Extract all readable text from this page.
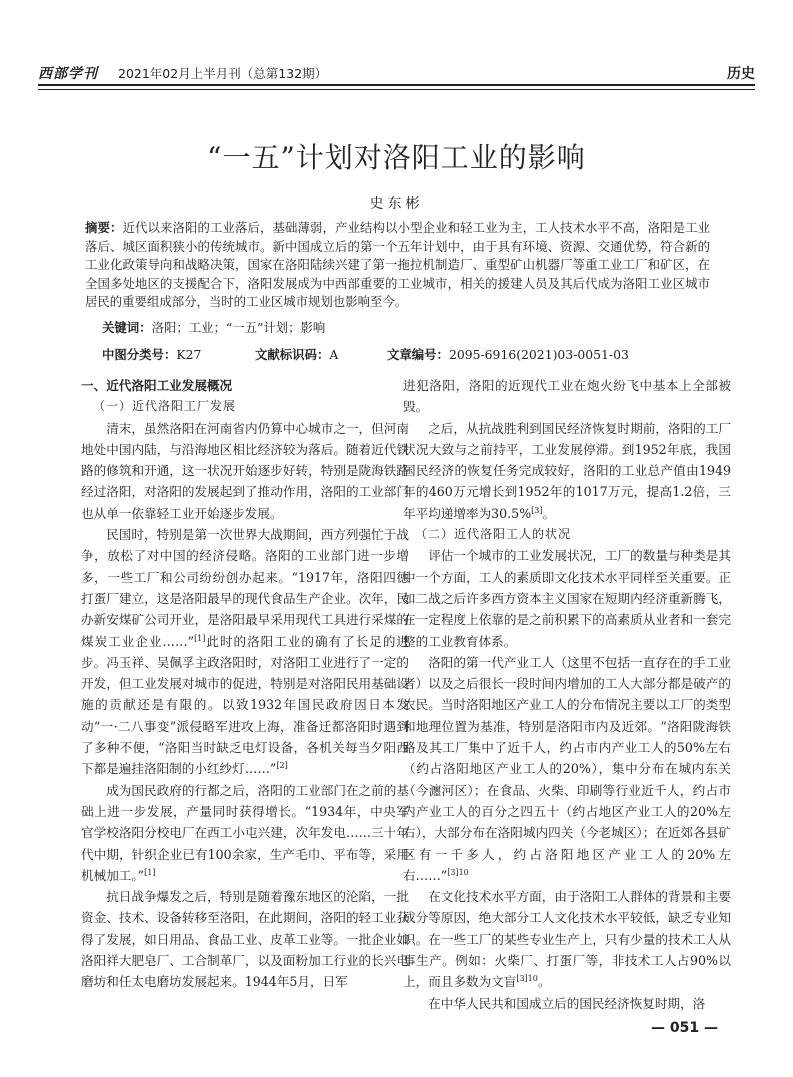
西部学刊 2021年02月上半月刊（总第132期）	历史
“一五”计划对洛阳工业的影响
史东彬
摘要：近代以来洛阳的工业落后，基础薄弱，产业结构以小型企业和轻工业为主，工人技术水平不高，洛阳是工业落后、城区面积狭小的传统城市。新中国成立后的第一个五年计划中，由于具有环境、资源、交通优势，符合新的工业化政策导向和战略决策，国家在洛阳陆续兴建了第一拖拉机制造厂、重型矿山机器厂等重工业工厂和矿区，在全国多处地区的支援配合下，洛阳发展成为中西部重要的工业城市，相关的援建人员及其后代成为洛阳工业区城市居民的重要组成部分，当时的工业区城市规划也影响至今。
关键词：洛阳；工业；“一五”计划；影响
中图分类号：K27	文献标识码：A	文章编号：2095-6916(2021)03-0051-03
一、近代洛阳工业发展概况
（一）近代洛阳工厂发展

清末，虽然洛阳在河南省内仍算中心城市之一，但河南地处中国内陆，与沿海地区相比经济较为落后。随着近代铁路的修筑和开通，这一状况开始逐步好转，特别是陇海铁路经过洛阳，对洛阳的发展起到了推动作用，洛阳的工业部门也从单一依靠轻工业开始逐步发展。

民国时，特别是第一次世界大战期间，西方列强忙于战争，放松了对中国的经济侵略。洛阳的工业部门进一步增多，一些工厂和公司纷纷创办起来。“1917年，洛阳四德打蛋厂建立，这是洛阳最早的现代食品生产企业。次年，民办新安煤矿公司开业，是洛阳最早采用现代工具进行采煤的煤炭工业企业……”[1]此时的洛阳工业的确有了长足的进步。冯玉祥、吴佩孚主政洛阳时，对洛阳工业进行了一定的开发，但工业发展对城市的促进，特别是对洛阳民用基础设施的贡献还是有限的。以致1932年国民政府因日本发动“一·二八事变”派侵略军进攻上海，准备迁都洛阳时遇到了多种不便，“洛阳当时缺乏电灯设备，各机关每当夕阳西下都是遍挂洛阳制的小红纱灯……”[2]

成为国民政府的行都之后，洛阳的工业部门在之前的基础上进一步发展，产量同时获得增长。“1934年，中央军官学校洛阳分校电厂在西工小屯兴建，次年发电……三十年代中期，针织企业已有100余家，生产毛巾、平布等，采用机械加工。”[1]

抗日战争爆发之后，特别是随着豫东地区的沦陷，一批资金、技术、设备转移至洛阳，在此期间，洛阳的轻工业获得了发展，如日用品、食品工业、皮革工业等。一批企业如洛阳祥大肥皂厂、工合制革厂，以及面粉加工行业的长兴电磨坊和任太电磨坊发展起来。1944年5月，日军

进犯洛阳，洛阳的近现代工业在炮火纷飞中基本上全部被毁。

之后，从抗战胜利到国民经济恢复时期前，洛阳的工厂状况大致与之前持平，工业发展停滞。到1952年底，我国国民经济的恢复任务完成较好，洛阳的工业总产值由1949年的460万元增长到1952年的1017万元，提高1.2倍，三年平均递增率为30.5%[3]。

（二）近代洛阳工人的状况

评估一个城市的工业发展状况，工厂的数量与种类是其中一个方面，工人的素质即文化技术水平同样至关重要。正如二战之后许多西方资本主义国家在短期内经济重新腾飞，在一定程度上依靠的是之前积累下的高素质从业者和一套完整的工业教育体系。

洛阳的第一代产业工人（这里不包括一直存在的手工业者）以及之后很长一段时间内增加的工人大部分都是破产的农民。当时洛阳地区产业工人的分布情况主要以工厂的类型和地理位置为基准，特别是洛阳市内及近郊。“洛阳陇海铁路及其工厂集中了近千人，约占市内产业工人的50%左右（约占洛阳地区产业工人的20%），集中分布在城内东关（今瀍河区）；在食品、火柴、印刷等行业近千人，约占市内产业工人的百分之四五十（约占地区产业工人的20%左右），大部分布在洛阳城内四关（今老城区）；在近郊各县矿区有一千多人，约占洛阳地区产业工人的20%左右……”$^{[3]10}$

在文化技术水平方面，由于洛阳工人群体的背景和主要成分等原因，绝大部分工人文化技术水平较低，缺乏专业知识。在一些工厂的某些专业生产上，只有少量的技术工人从事生产。例如：火柴厂、打蛋厂等，非技术工人占90%以上，而且多数为文盲$^{[3]10}$。

在中华人民共和国成立后的国民经济恢复时期，洛

— 051 —
